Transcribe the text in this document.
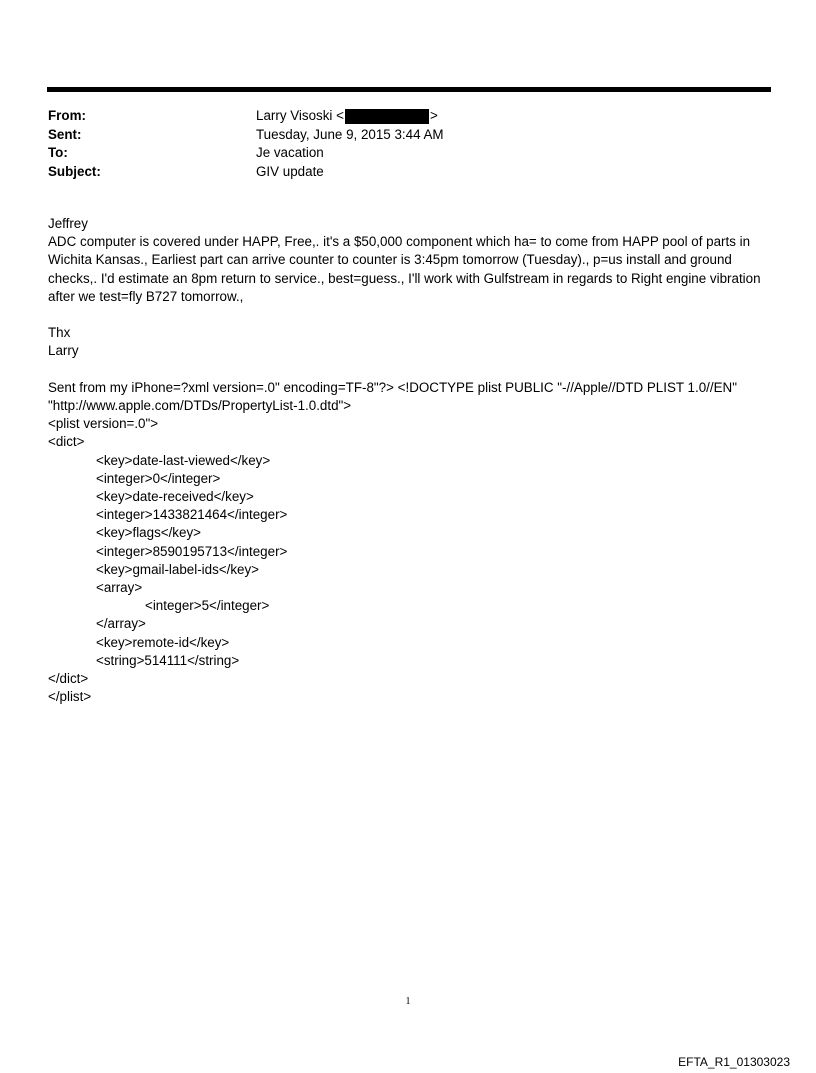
From:	Larry Visoski <	>
Sent:	Tuesday, June 9, 2015 3:44 AM
To:	Je vacation
Subject:	GIV update

Jeffrey

ADC computer is covered under HAPP, Free,. it's a $50,000 component which ha= to come from HAPP pool of parts in Wichita Kansas., Earliest part can arrive counter to counter is 3:45pm tomorrow (Tuesday)., p=us install and ground checks,. I'd estimate an 8pm return to service., best=guess., I'll work with Gulfstream in regards to Right engine vibration after we test=fly B727 tomorrow.,

Thx

Larry

Sent from my iPhone=?xml version=.0" encoding=TF-8"?> <!DOCTYPE plist PUBLIC "-//Apple//DTD PLIST 1.0//EN" "http://www.apple.com/DTDs/PropertyList-1.0.dtd">

<plist version=.0">
<dict>
<key>date-last-viewed</key>
<integer>0</integer>
<key>date-received</key>
<integer>1433821464</integer>
<key>flags</key>
<integer>8590195713</integer>
<key>gmail-label-ids</key>
<array>
<integer>5</integer>
</array>
<key>remote-id</key>
<string>514111</string>
</dict>
</plist>
1
EFTA_R1_01303023
